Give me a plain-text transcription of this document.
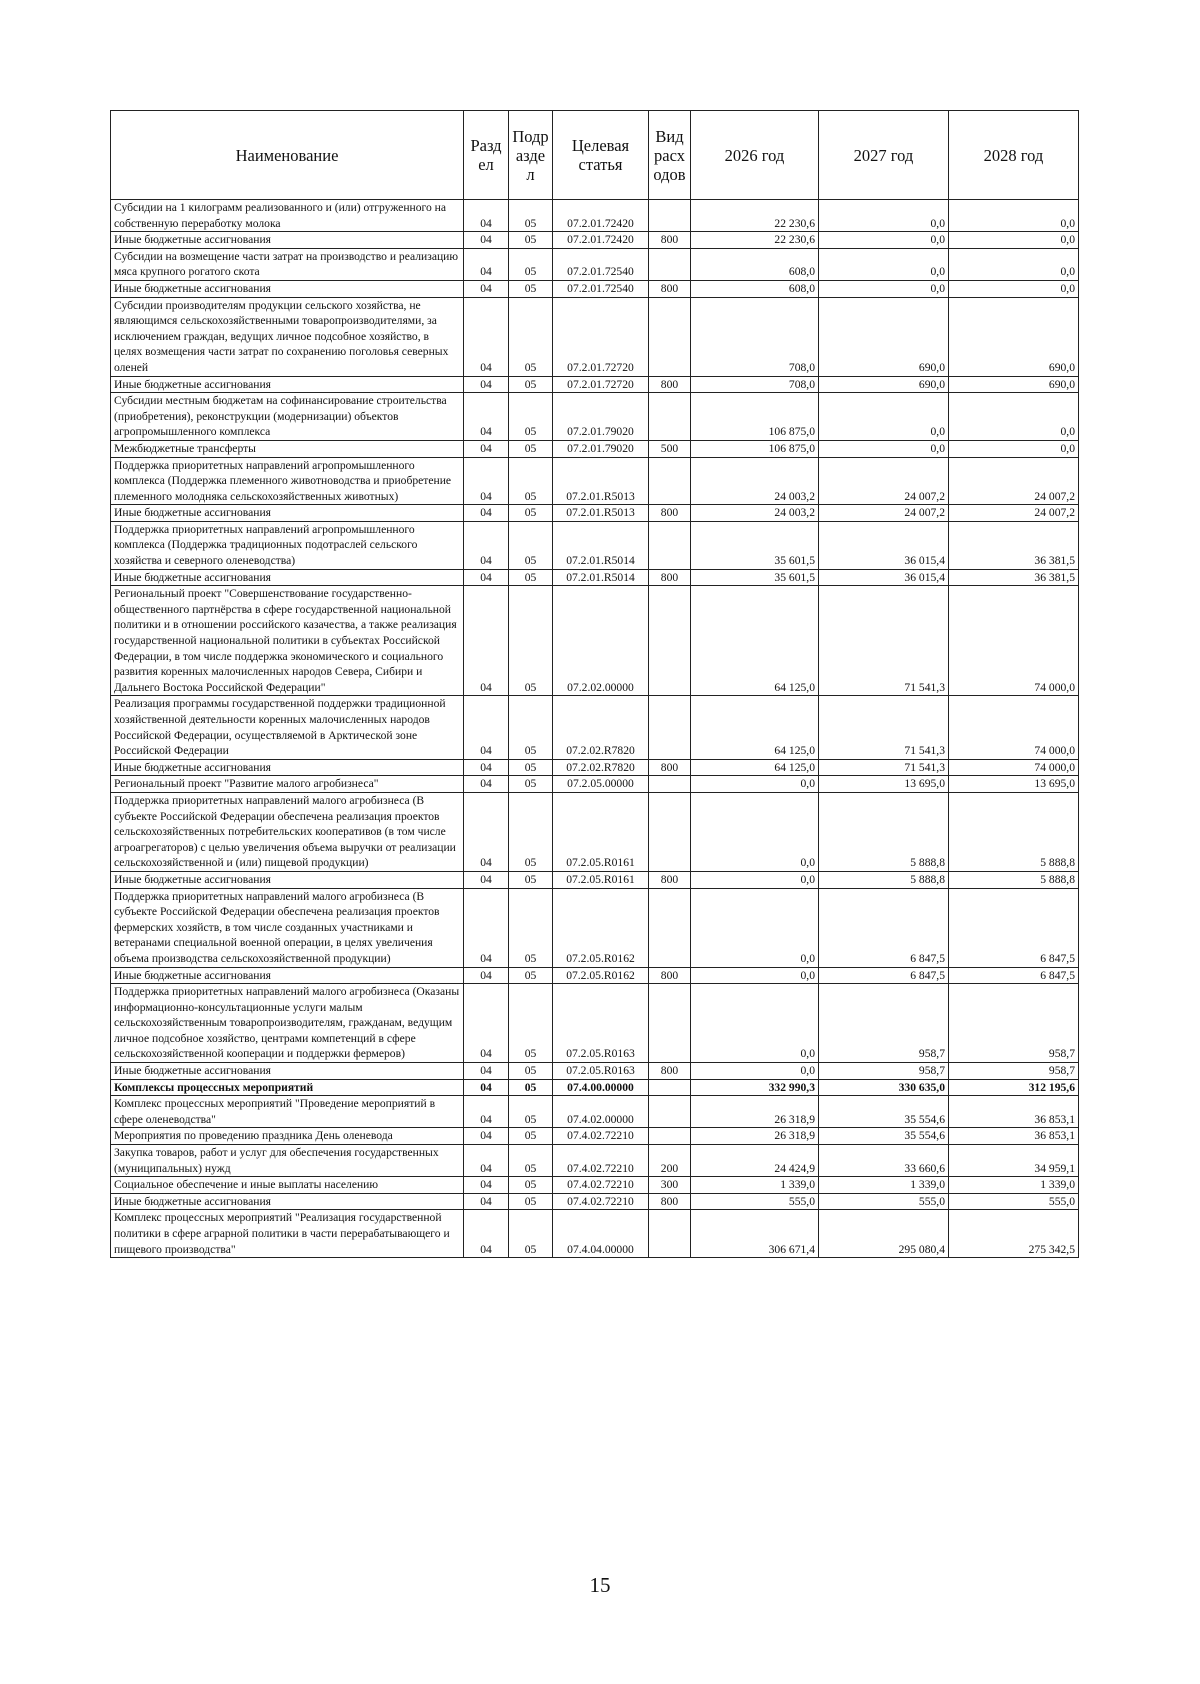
Наименование	Разд ел	Подр азде л	Целевая статья	Вид расх одов	2026 год	2027 год	2028 год
Субсидии на 1 килограмм реализованного и (или) отгруженного на собственную переработку молока	04	05	07.2.01.72420		22 230,6	0,0	0,0
Иные бюджетные ассигнования	04	05	07.2.01.72420	800	22 230,6	0,0	0,0
Субсидии на возмещение части затрат на производство и реализацию мяса крупного рогатого скота	04	05	07.2.01.72540		608,0	0,0	0,0
Иные бюджетные ассигнования	04	05	07.2.01.72540	800	608,0	0,0	0,0
Субсидии производителям продукции сельского хозяйства, не являющимся сельскохозяйственными товаропроизводителями, за исключением граждан, ведущих личное подсобное хозяйство, в целях возмещения части затрат по сохранению поголовья северных оленей	04	05	07.2.01.72720		708,0	690,0	690,0
Иные бюджетные ассигнования	04	05	07.2.01.72720	800	708,0	690,0	690,0
Субсидии местным бюджетам на софинансирование строительства (приобретения), реконструкции (модернизации) объектов агропромышленного комплекса	04	05	07.2.01.79020		106 875,0	0,0	0,0
Межбюджетные трансферты	04	05	07.2.01.79020	500	106 875,0	0,0	0,0
Поддержка приоритетных направлений агропромышленного комплекса (Поддержка племенного животноводства и приобретение племенного молодняка сельскохозяйственных животных)	04	05	07.2.01.R5013		24 003,2	24 007,2	24 007,2
Иные бюджетные ассигнования	04	05	07.2.01.R5013	800	24 003,2	24 007,2	24 007,2
Поддержка приоритетных направлений агропромышленного комплекса (Поддержка традиционных подотраслей сельского хозяйства и северного оленеводства)	04	05	07.2.01.R5014		35 601,5	36 015,4	36 381,5
Иные бюджетные ассигнования	04	05	07.2.01.R5014	800	35 601,5	36 015,4	36 381,5
Региональный проект "Совершенствование государственно-общественного партнёрства в сфере государственной национальной политики и в отношении российского казачества, а также реализация государственной национальной политики в субъектах Российской Федерации, в том числе поддержка экономического и социального развития коренных малочисленных народов Севера, Сибири и Дальнего Востока Российской Федерации"	04	05	07.2.02.00000		64 125,0	71 541,3	74 000,0
Реализация программы государственной поддержки традиционной хозяйственной деятельности коренных малочисленных народов Российской Федерации, осуществляемой в Арктической зоне Российской Федерации	04	05	07.2.02.R7820		64 125,0	71 541,3	74 000,0
Иные бюджетные ассигнования	04	05	07.2.02.R7820	800	64 125,0	71 541,3	74 000,0
Региональный проект "Развитие малого агробизнеса"	04	05	07.2.05.00000		0,0	13 695,0	13 695,0
Поддержка приоритетных направлений малого агробизнеса (В субъекте Российской Федерации обеспечена реализация проектов сельскохозяйственных потребительских кооперативов (в том числе агроагрегаторов) с целью увеличения объема выручки от реализации сельскохозяйственной и (или) пищевой продукции)	04	05	07.2.05.R0161		0,0	5 888,8	5 888,8
Иные бюджетные ассигнования	04	05	07.2.05.R0161	800	0,0	5 888,8	5 888,8
Поддержка приоритетных направлений малого агробизнеса (В субъекте Российской Федерации обеспечена реализация проектов фермерских хозяйств, в том числе созданных участниками и ветеранами специальной военной операции, в целях увеличения объема производства сельскохозяйственной продукции)	04	05	07.2.05.R0162		0,0	6 847,5	6 847,5
Иные бюджетные ассигнования	04	05	07.2.05.R0162	800	0,0	6 847,5	6 847,5
Поддержка приоритетных направлений малого агробизнеса (Оказаны информационно-консультационные услуги малым сельскохозяйственным товаропроизводителям, гражданам, ведущим личное подсобное хозяйство, центрами компетенций в сфере сельскохозяйственной кооперации и поддержки фермеров)	04	05	07.2.05.R0163		0,0	958,7	958,7
Иные бюджетные ассигнования	04	05	07.2.05.R0163	800	0,0	958,7	958,7
Комплексы процессных мероприятий	04	05	07.4.00.00000		332 990,3	330 635,0	312 195,6
Комплекс процессных мероприятий "Проведение мероприятий в сфере оленеводства"	04	05	07.4.02.00000		26 318,9	35 554,6	36 853,1
Мероприятия по проведению праздника День оленевода	04	05	07.4.02.72210		26 318,9	35 554,6	36 853,1
Закупка товаров, работ и услуг для обеспечения государственных (муниципальных) нужд	04	05	07.4.02.72210	200	24 424,9	33 660,6	34 959,1
Социальное обеспечение и иные выплаты населению	04	05	07.4.02.72210	300	1 339,0	1 339,0	1 339,0
Иные бюджетные ассигнования	04	05	07.4.02.72210	800	555,0	555,0	555,0
Комплекс процессных мероприятий "Реализация государственной политики в сфере аграрной политики в части перерабатывающего и пищевого производства"	04	05	07.4.04.00000		306 671,4	295 080,4	275 342,5
15
